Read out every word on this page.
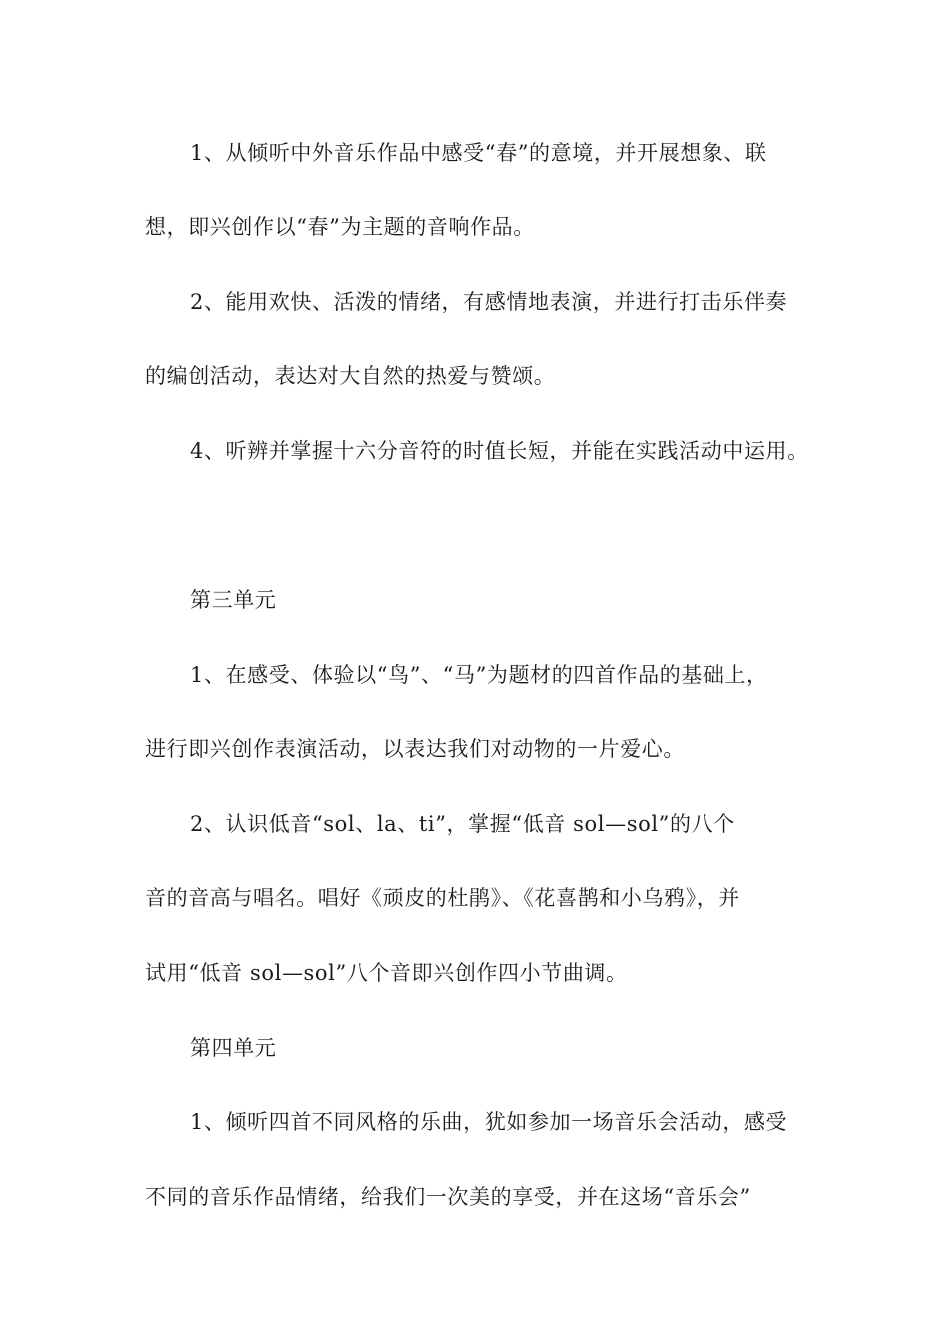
1、从倾听中外音乐作品中感受“春”的意境，并开展想象、联
想，即兴创作以“春”为主题的音响作品。
2、能用欢快、活泼的情绪，有感情地表演，并进行打击乐伴奏
的编创活动，表达对大自然的热爱与赞颂。
4、听辨并掌握十六分音符的时值长短，并能在实践活动中运用。
第三单元
1、在感受、体验以“鸟”、“马”为题材的四首作品的基础上，
进行即兴创作表演活动，以表达我们对动物的一片爱心。
2、认识低音“sol、la、ti”，掌握“低音 sol—sol”的八个
音的音高与唱名。唱好《顽皮的杜鹃》、《花喜鹊和小乌鸦》，并
试用“低音 sol—sol”八个音即兴创作四小节曲调。
第四单元
1、倾听四首不同风格的乐曲，犹如参加一场音乐会活动，感受
不同的音乐作品情绪，给我们一次美的享受，并在这场“音乐会”
